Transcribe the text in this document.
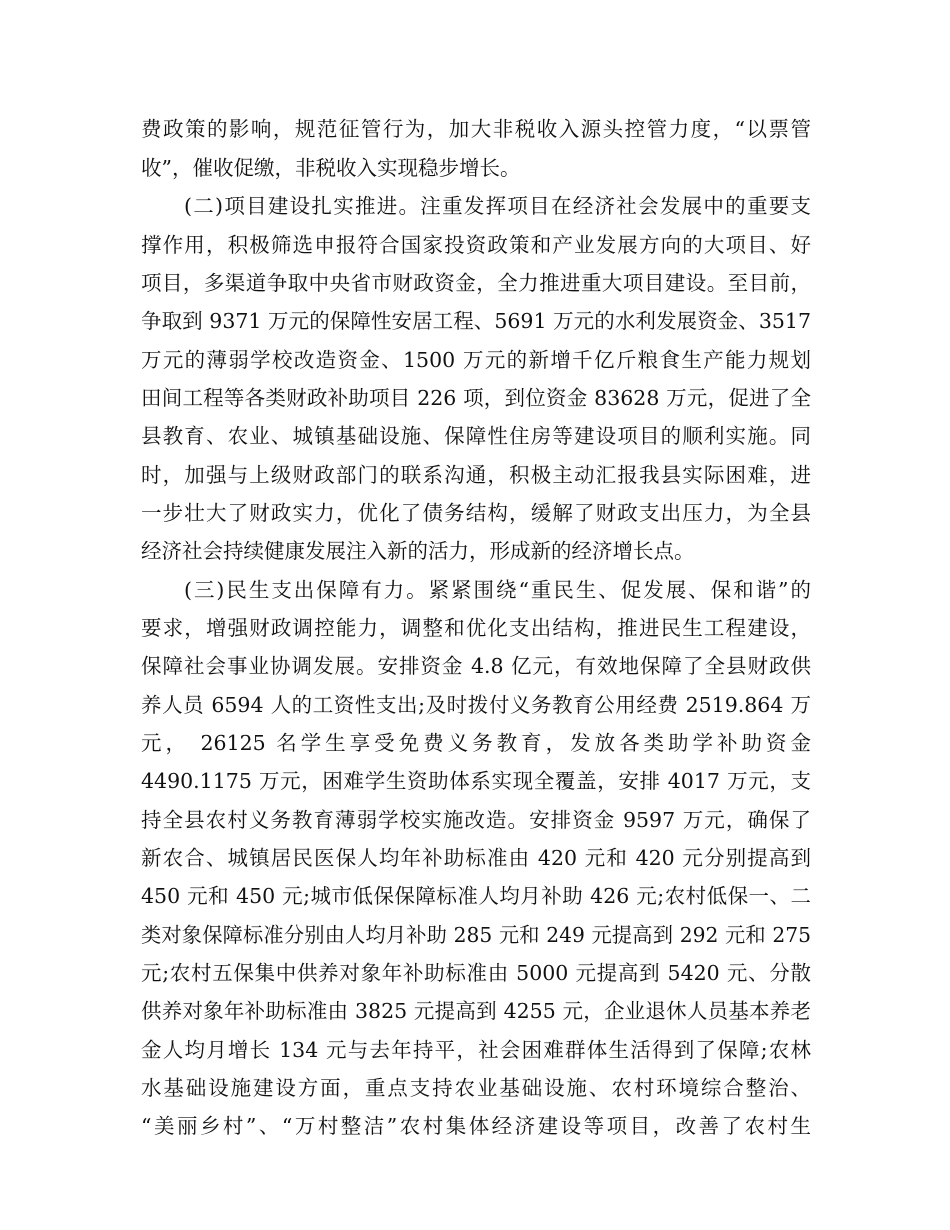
费政策的影响，规范征管行为，加大非税收入源头控管力度，“以票管
收”，催收促缴，非税收入实现稳步增长。
(二)项目建设扎实推进。注重发挥项目在经济社会发展中的重要支
撑作用，积极筛选申报符合国家投资政策和产业发展方向的大项目、好
项目，多渠道争取中央省市财政资金，全力推进重大项目建设。至目前，
争取到 9371 万元的保障性安居工程、5691 万元的水利发展资金、3517
万元的薄弱学校改造资金、1500 万元的新增千亿斤粮食生产能力规划
田间工程等各类财政补助项目 226 项，到位资金 83628 万元，促进了全
县教育、农业、城镇基础设施、保障性住房等建设项目的顺利实施。同
时，加强与上级财政部门的联系沟通，积极主动汇报我县实际困难，进
一步壮大了财政实力，优化了债务结构，缓解了财政支出压力，为全县
经济社会持续健康发展注入新的活力，形成新的经济增长点。
(三)民生支出保障有力。紧紧围绕“重民生、促发展、保和谐”的
要求，增强财政调控能力，调整和优化支出结构，推进民生工程建设，
保障社会事业协调发展。安排资金 4.8 亿元，有效地保障了全县财政供
养人员 6594 人的工资性支出;及时拨付义务教育公用经费 2519.864 万
元， 26125 名学生享受免费义务教育，发放各类助学补助资金
4490.1175 万元，困难学生资助体系实现全覆盖，安排 4017 万元，支
持全县农村义务教育薄弱学校实施改造。安排资金 9597 万元，确保了
新农合、城镇居民医保人均年补助标准由 420 元和 420 元分别提高到
450 元和 450 元;城市低保保障标准人均月补助 426 元;农村低保一、二
类对象保障标准分别由人均月补助 285 元和 249 元提高到 292 元和 275
元;农村五保集中供养对象年补助标准由 5000 元提高到 5420 元、分散
供养对象年补助标准由 3825 元提高到 4255 元，企业退休人员基本养老
金人均月增长 134 元与去年持平，社会困难群体生活得到了保障;农林
水基础设施建设方面，重点支持农业基础设施、农村环境综合整治、
“美丽乡村”、“万村整洁”农村集体经济建设等项目，改善了农村生
